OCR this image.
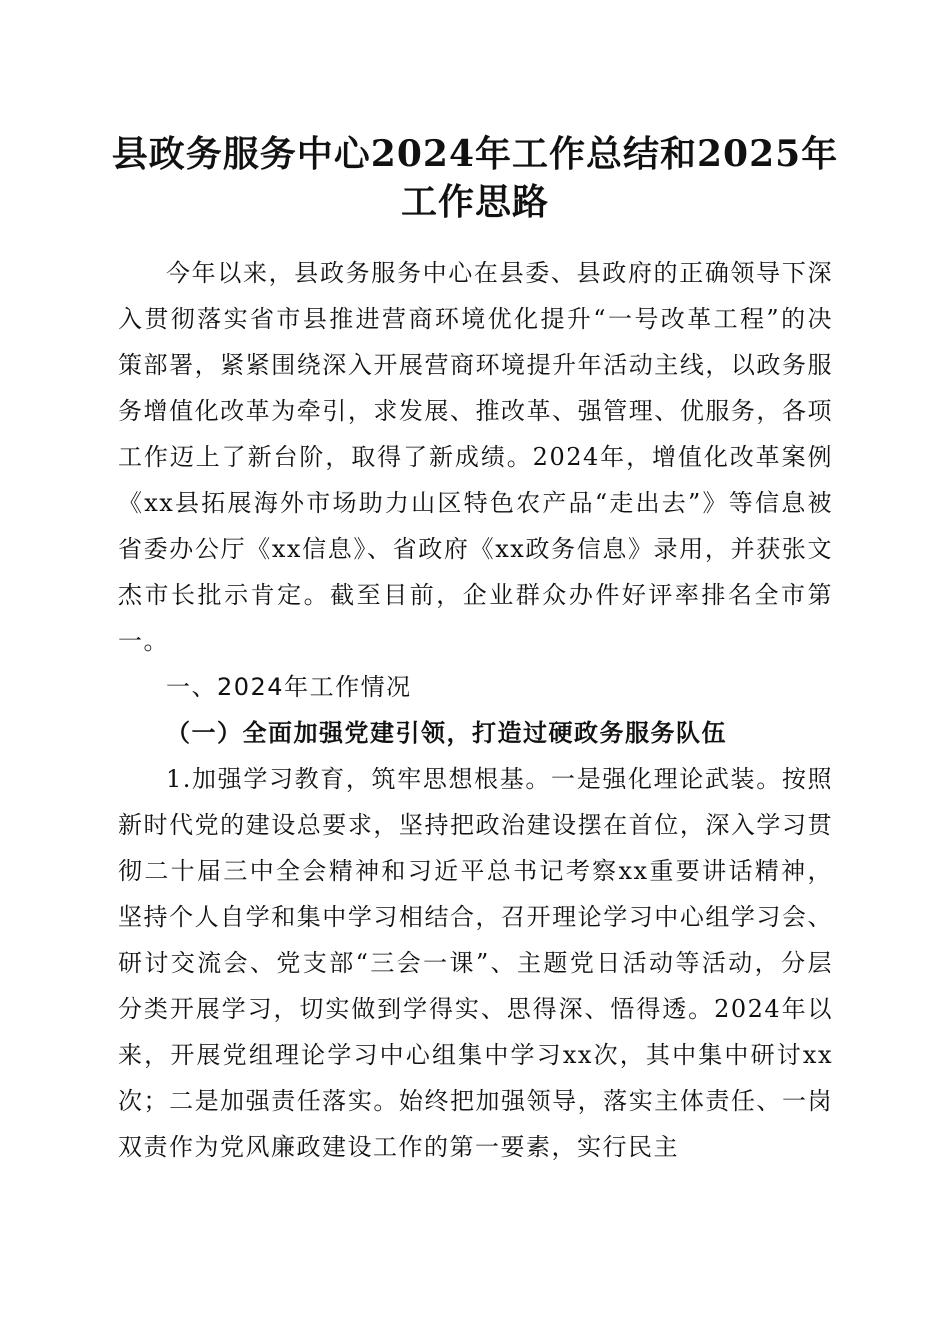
县政务服务中心2024年工作总结和2025年工作思路

今年以来，县政务服务中心在县委、县政府的正确领导下深入贯彻落实省市县推进营商环境优化提升“一号改革工程”的决策部署，紧紧围绕深入开展营商环境提升年活动主线，以政务服务增值化改革为牵引，求发展、推改革、强管理、优服务，各项工作迈上了新台阶，取得了新成绩。2024年，增值化改革案例《xx县拓展海外市场助力山区特色农产品“走出去”》等信息被省委办公厅《xx信息》、省政府《xx政务信息》录用，并获张文杰市长批示肯定。截至目前，企业群众办件好评率排名全市第一。

一、2024年工作情况

（一）全面加强党建引领，打造过硬政务服务队伍

1.加强学习教育，筑牢思想根基。一是强化理论武装。按照新时代党的建设总要求，坚持把政治建设摆在首位，深入学习贯彻二十届三中全会精神和习近平总书记考察xx重要讲话精神，坚持个人自学和集中学习相结合，召开理论学习中心组学习会、研讨交流会、党支部“三会一课”、主题党日活动等活动，分层分类开展学习，切实做到学得实、思得深、悟得透。2024年以来，开展党组理论学习中心组集中学习xx次，其中集中研讨xx次；二是加强责任落实。始终把加强领导，落实主体责任、一岗双责作为党风廉政建设工作的第一要素，实行民主
